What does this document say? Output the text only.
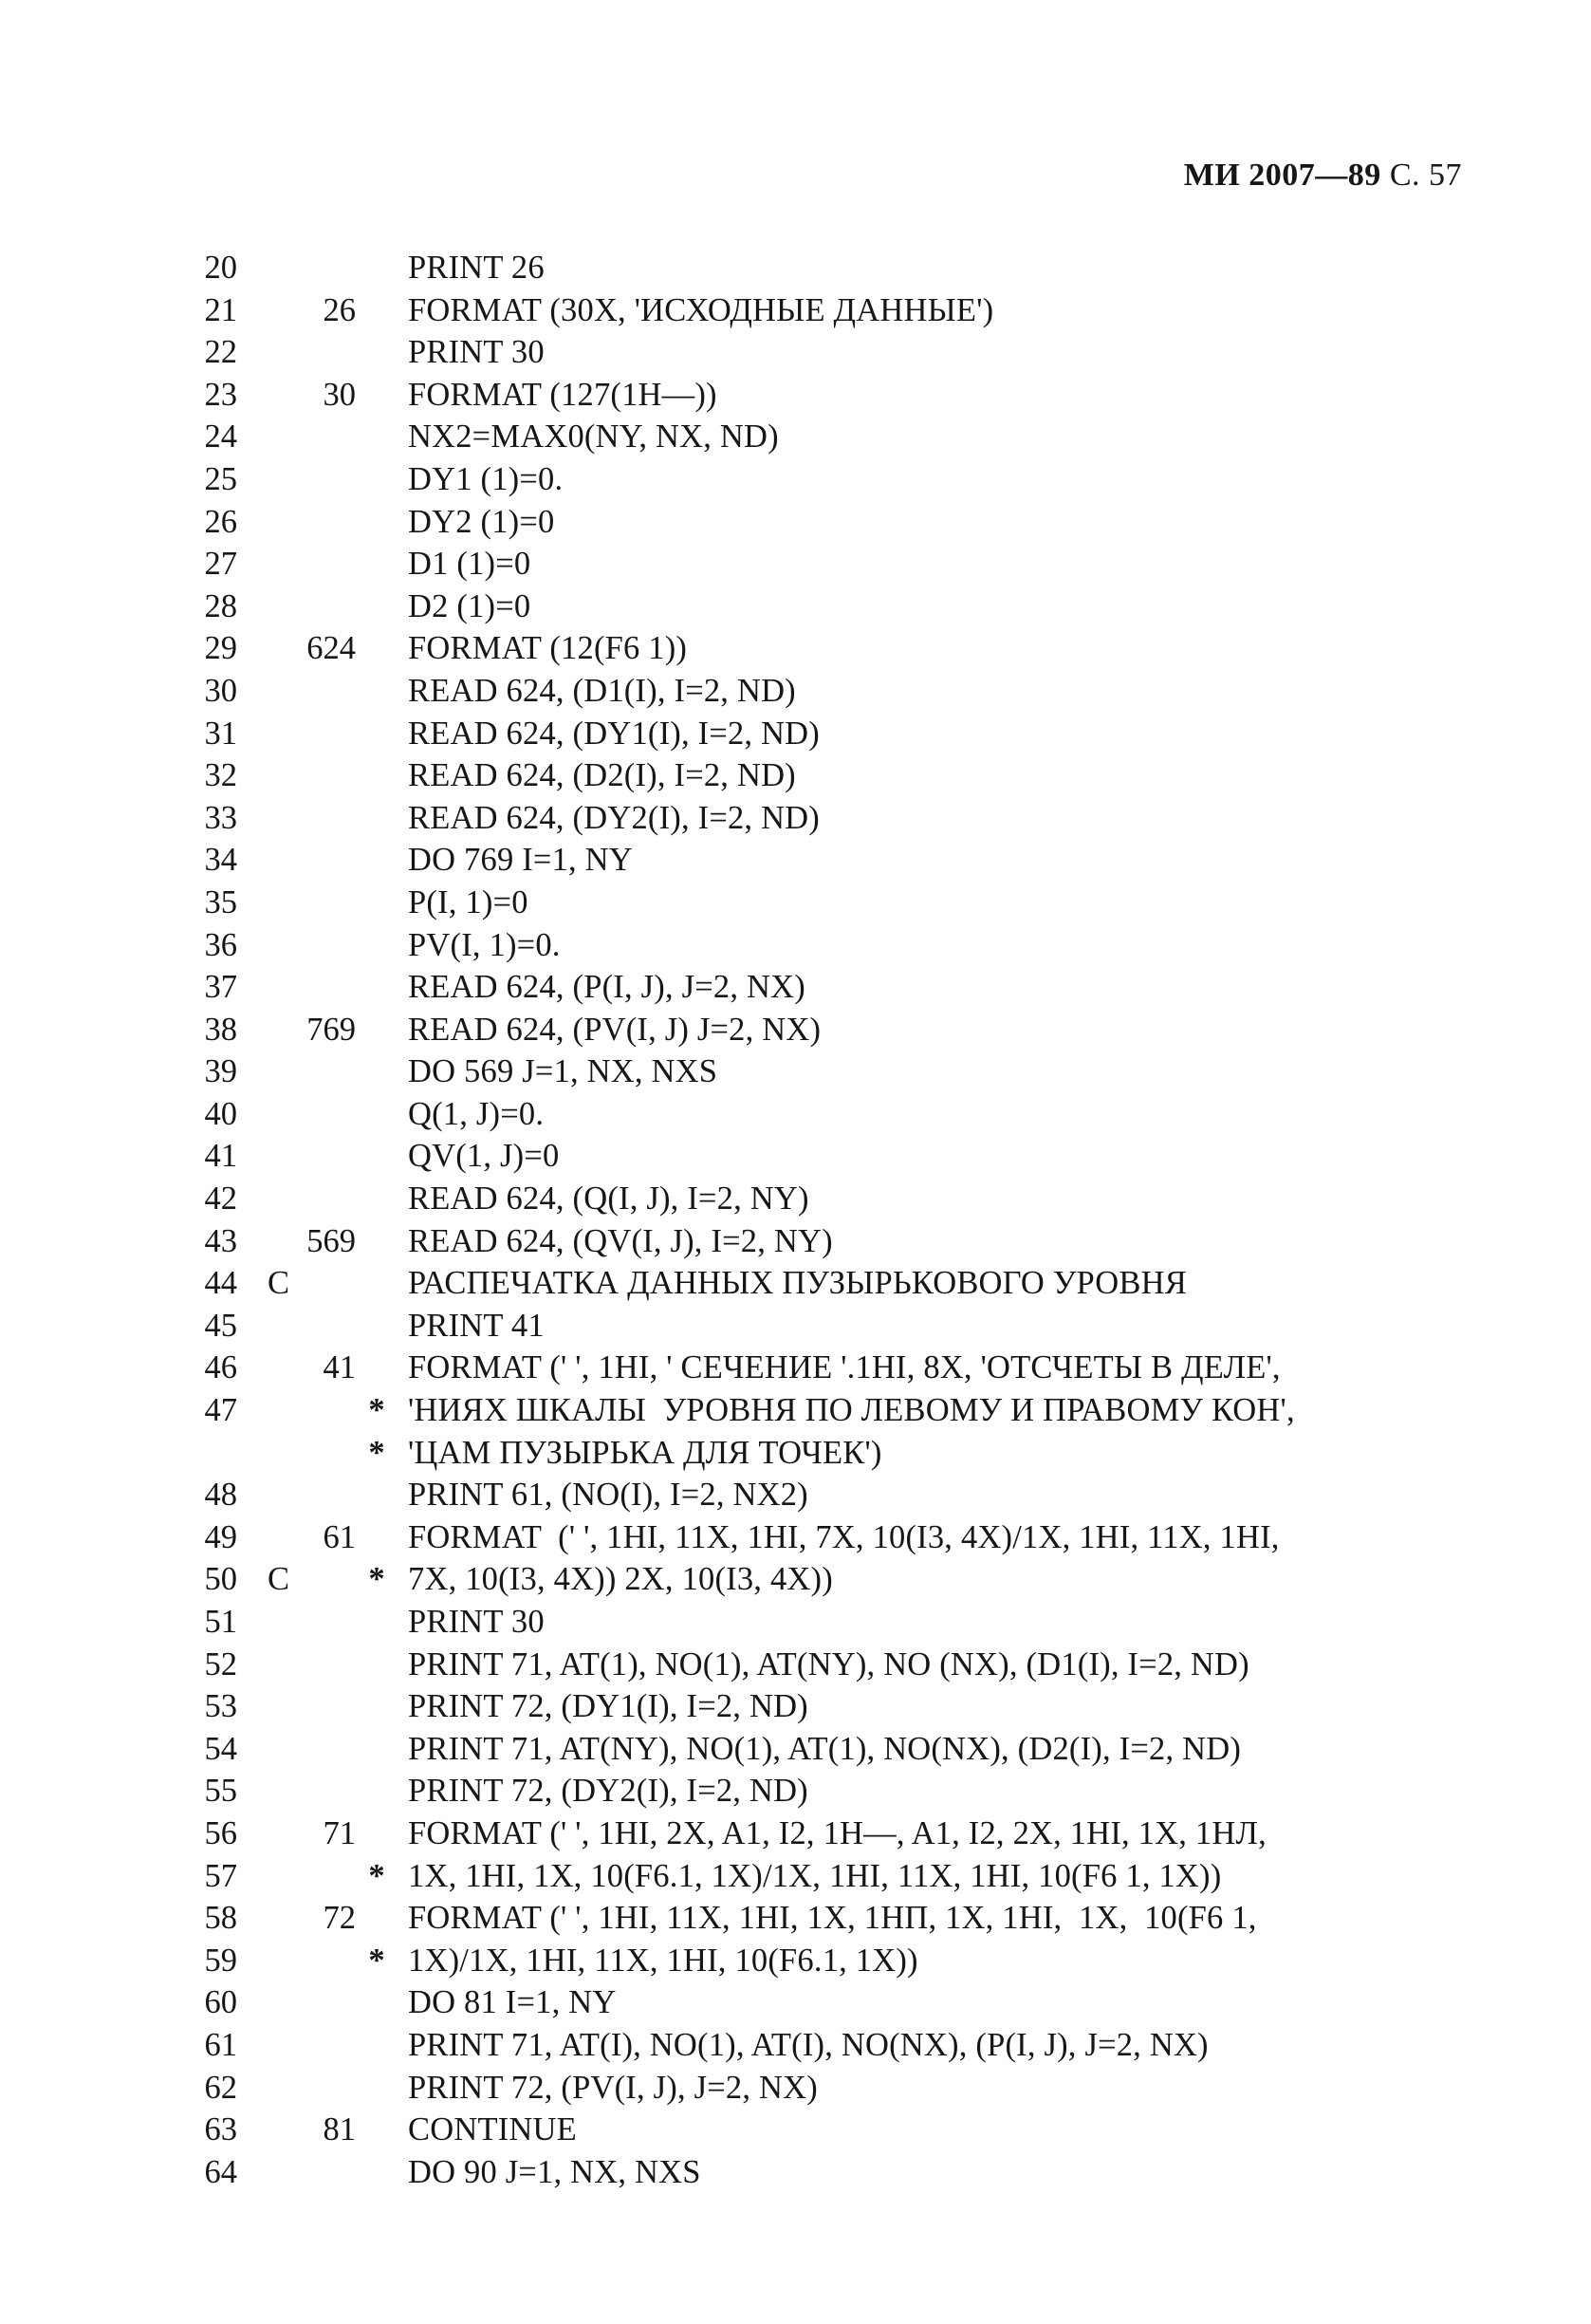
МИ 2007—89 С. 57
20	PRINT 26
21	26 FORMAT (30X, 'ИСХОДНЫЕ ДАННЫЕ')
22	PRINT 30
23	30 FORMAT (127(1H—))
24	NX2=MAX0(NY, NX, ND)
25	DY1 (1)=0.
26	DY2 (1)=0
27	D1 (1)=0
28	D2 (1)=0
29	624 FORMAT (12(F6 1))
30	READ 624, (D1(I), I=2, ND)
31	READ 624, (DY1(I), I=2, ND)
32	READ 624, (D2(I), I=2, ND)
33	READ 624, (DY2(I), I=2, ND)
34	DO 769 I=1, NY
35	P(I, 1)=0
36	PV(I, 1)=0.
37	READ 624, (P(I, J), J=2, NX)
38	769 READ 624, (PV(I, J) J=2, NX)
39	DO 569 J=1, NX, NXS
40	Q(1, J)=0.
41	QV(1, J)=0
42	READ 624, (Q(I, J), I=2, NY)
43	569 READ 624, (QV(I, J), I=2, NY)
44 C	РАСПЕЧАТКА ДАННЫХ ПУЗЫРЬКОВОГО УРОВНЯ
45	PRINT 41
46	41 FORMAT (' ', 1HI, ' СЕЧЕНИЕ '.1HI, 8X, 'ОТСЧЕТЫ В ДЕЛЕ',
47	* 'НИЯХ ШКАЛЫ  УРОВНЯ ПО ЛЕВОМУ И ПРАВОМУ КОН',
* 'ЦАМ ПУЗЫРЬКА ДЛЯ ТОЧЕК')
48	PRINT 61, (NO(I), I=2, NX2)
49	61 FORMAT  (' ', 1HI, 11X, 1HI, 7X, 10(I3, 4X)/1X, 1HI, 11X, 1HI,
50 C	* 7X, 10(I3, 4X)) 2X, 10(I3, 4X))
51	PRINT 30
52	PRINT 71, AT(1), NO(1), AT(NY), NO (NX), (D1(I), I=2, ND)
53	PRINT 72, (DY1(I), I=2, ND)
54	PRINT 71, AT(NY), NO(1), AT(1), NO(NX), (D2(I), I=2, ND)
55	PRINT 72, (DY2(I), I=2, ND)
56	71 FORMAT (' ', 1HI, 2X, A1, I2, 1H—, A1, I2, 2X, 1HI, 1X, 1НЛ,
57	* 1X, 1HI, 1X, 10(F6.1, 1X)/1X, 1HI, 11X, 1HI, 10(F6 1, 1X))
58	72 FORMAT (' ', 1HI, 11X, 1HI, 1X, 1НП, 1X, 1HI,  1X,  10(F6 1,
59	* 1X)/1X, 1HI, 11X, 1HI, 10(F6.1, 1X))
60	DO 81 I=1, NY
61	PRINT 71, AT(I), NO(1), AT(I), NO(NX), (P(I, J), J=2, NX)
62	PRINT 72, (PV(I, J), J=2, NX)
63	81 CONTINUE
64	DO 90 J=1, NX, NXS
